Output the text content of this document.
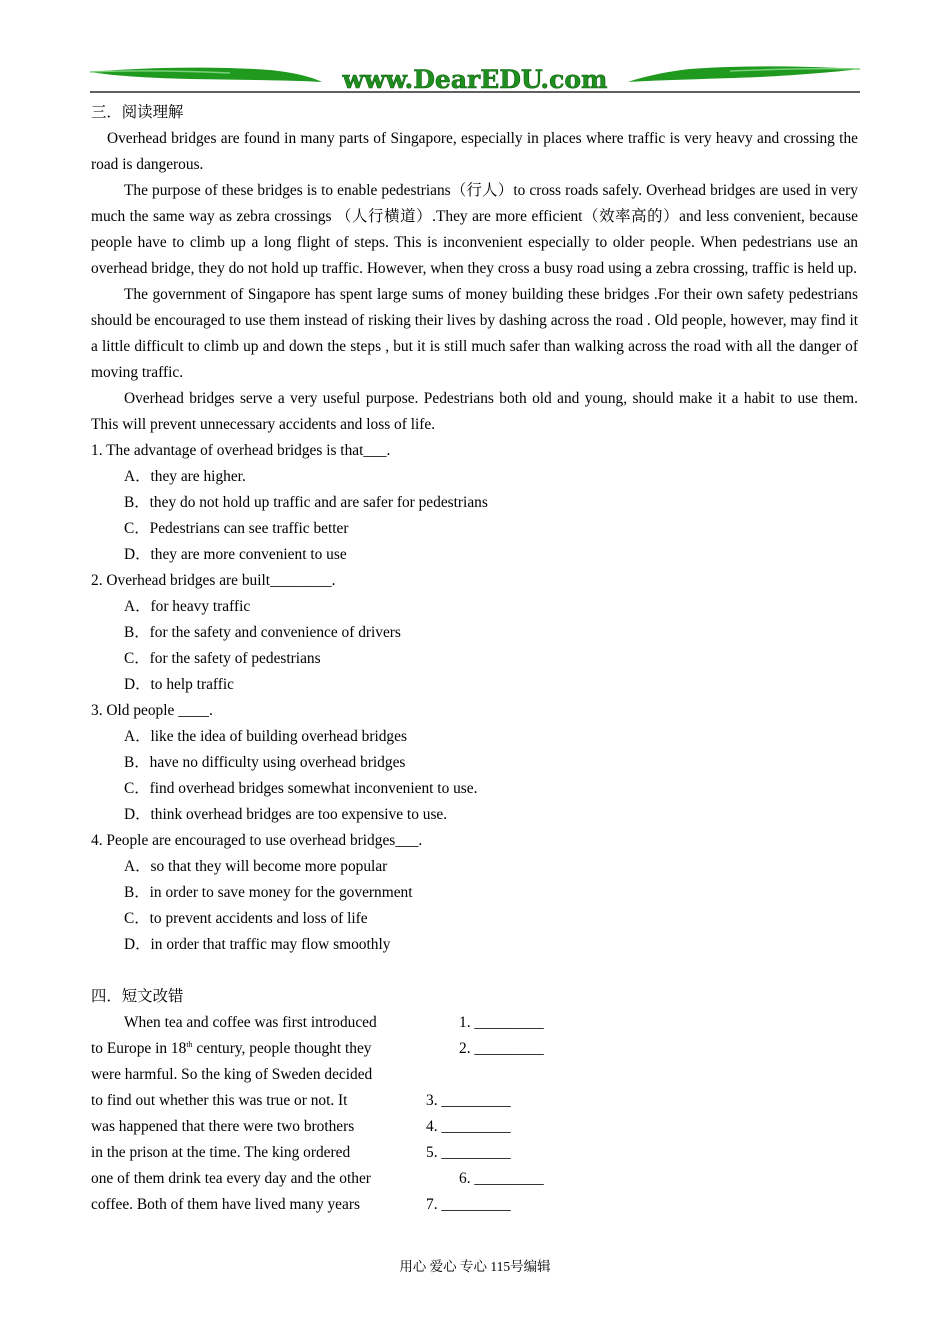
www.DearEDU.com

三．阅读理解

Overhead bridges are found in many parts of Singapore, especially in places where traffic is very heavy and crossing the road is dangerous.

The purpose of these bridges is to enable pedestrians（行人）to cross roads safely. Overhead bridges are used in very much the same way as zebra crossings （人行横道）.They are more efficient（效率高的）and less convenient, because people have to climb up a long flight of steps. This is inconvenient especially to older people. When pedestrians use an overhead bridge, they do not hold up traffic. However, when they cross a busy road using a zebra crossing, traffic is held up.

The government of Singapore has spent large sums of money building these bridges .For their own safety pedestrians should be encouraged to use them instead of risking their lives by dashing across the road . Old people, however, may find it a little difficult to climb up and down the steps , but it is still much safer than walking across the road with all the danger of moving traffic.

Overhead bridges serve a very useful purpose. Pedestrians both old and young, should make it a habit to use them. This will prevent unnecessary accidents and loss of life.

1. The advantage of overhead bridges is that___.

A．they are higher.

B．they do not hold up traffic and are safer for pedestrians

C．Pedestrians can see traffic better

D．they are more convenient to use

2. Overhead bridges are built________.

A．for heavy traffic

B．for the safety and convenience of drivers

C．for the safety of pedestrians

D．to help traffic

3. Old people ____.

A．like the idea of building overhead bridges

B．have no difficulty using overhead bridges

C．find overhead bridges somewhat inconvenient to use.

D．think overhead bridges are too expensive to use.

4. People are encouraged to use overhead bridges___.

A．so that they will become more popular

B．in order to save money for the government

C．to prevent accidents and loss of life

D．in order that traffic may flow smoothly

四．短文改错

When tea and coffee was first introduced	1. _________
to Europe in 18th century, people thought they	2. _________
were harmful. So the king of Sweden decided
to find out whether this was true or not. It	3. _________
was happened that there were two brothers	4. _________
in the prison at the time. The king ordered	5. _________
one of them drink tea every day and the other	6. _________
coffee. Both of them have lived many years	7. _________
用心 爱心 专心 115号编辑
